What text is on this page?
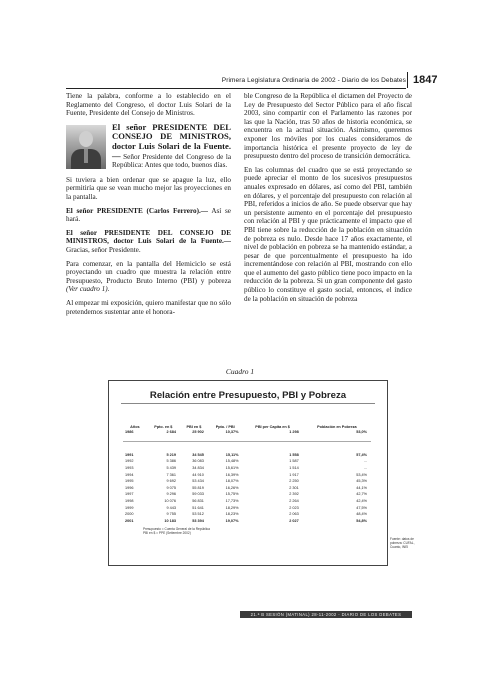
Primera Legislatura Ordinaria de 2002 - Diario de los Debates 1847

Tiene la palabra, conforme a lo establecido en el Reglamento del Congreso, el doctor Luis Solari de la Fuente, Presidente del Consejo de Ministros.

El señor PRESIDENTE DEL CONSEJO DE MINISTROS, doctor Luis Solari de la Fuente.— Señor Presidente del Congreso de la República: Antes que todo, buenos días.

Si tuviera a bien ordenar que se apague la luz, ello permitiría que se vean mucho mejor las proyecciones en la pantalla.

El señor PRESIDENTE (Carlos Ferrero).— Así se hará.

El señor PRESIDENTE DEL CONSEJO DE MINISTROS, doctor Luis Solari de la Fuente.— Gracias, señor Presidente.

Para comenzar, en la pantalla del Hemiciclo se está proyectando un cuadro que muestra la relación entre Presupuesto, Producto Bruto Interno (PBI) y pobreza (Ver cuadro 1).

Al empezar mi exposición, quiero manifestar que no sólo pretendemos sustentar ante el honora-

ble Congreso de la República el dictamen del Proyecto de Ley de Presupuesto del Sector Público para el año fiscal 2003, sino compartir con el Parlamento las razones por las que la Nación, tras 50 años de historia económica, se encuentra en la actual situación. Asimismo, queremos exponer los móviles por los cuales consideramos de importancia histórica el presente proyecto de ley de presupuesto dentro del proceso de transición democrática.

En las columnas del cuadro que se está proyectando se puede apreciar el monto de los sucesivos presupuestos anuales expresado en dólares, así como del PBI, también en dólares, y el porcentaje del presupuesto con relación al PBI, referidos a inicios de año. Se puede observar que hay un persistente aumento en el porcentaje del presupuesto con relación al PBI y que prácticamente el impacto que el PBI tiene sobre la reducción de la población en situación de pobreza es nulo. Desde hace 17 años exactamente, el nivel de población en pobreza se ha mantenido estándar, a pesar de que porcentualmente el presupuesto ha ido incrementándose con relación al PBI, mostrando con ello que el aumento del gasto público tiene poco impacto en la reducción de la pobreza. Si un gran componente del gasto público lo constituye el gasto social, entonces, el índice de la población en situación de pobreza

Cuadro 1
Relación entre Presupuesto, PBI y Pobreza
Años	Ppto. en $	PBI en $	Ppto. / PBI	PBI per Capita en $	Población en Pobreza
1986	2 684	25 902	10,37%	1 298	53,0%

1991	5 219	34 545	15,11%	1 558	57,4%
1992	5 386	36 083	15,48%	1 587	...
1993	5 439	34 834	15,61%	1 514	...
1994	7 361	44 910	16,39%	1 917	53,4%
1995	9 692	53 434	18,07%	2 250	45,3%
1996	9 075	55 819	16,26%	2 301	44,1%
1997	9 296	59 033	15,75%	2 392	42,7%
1998	10 076	56 831	17,73%	2 264	42,4%
1999	9 443	51 641	18,29%	2 023	47,5%
2000	9 755	53 512	18,23%	2 063	48,4%
2001	10 183	53 394	19,07%	2 027	54,8%
Presupuesto = Cuenta General de la República
PBI en $ = PPE (Setiembre 2002)
Fuente: datos de pobreza: CUFAL, Cuanto, INEI
21.ª B SESIÓN (MATINAL) 28-11-2002 - DIARIO DE LOS DEBATES
